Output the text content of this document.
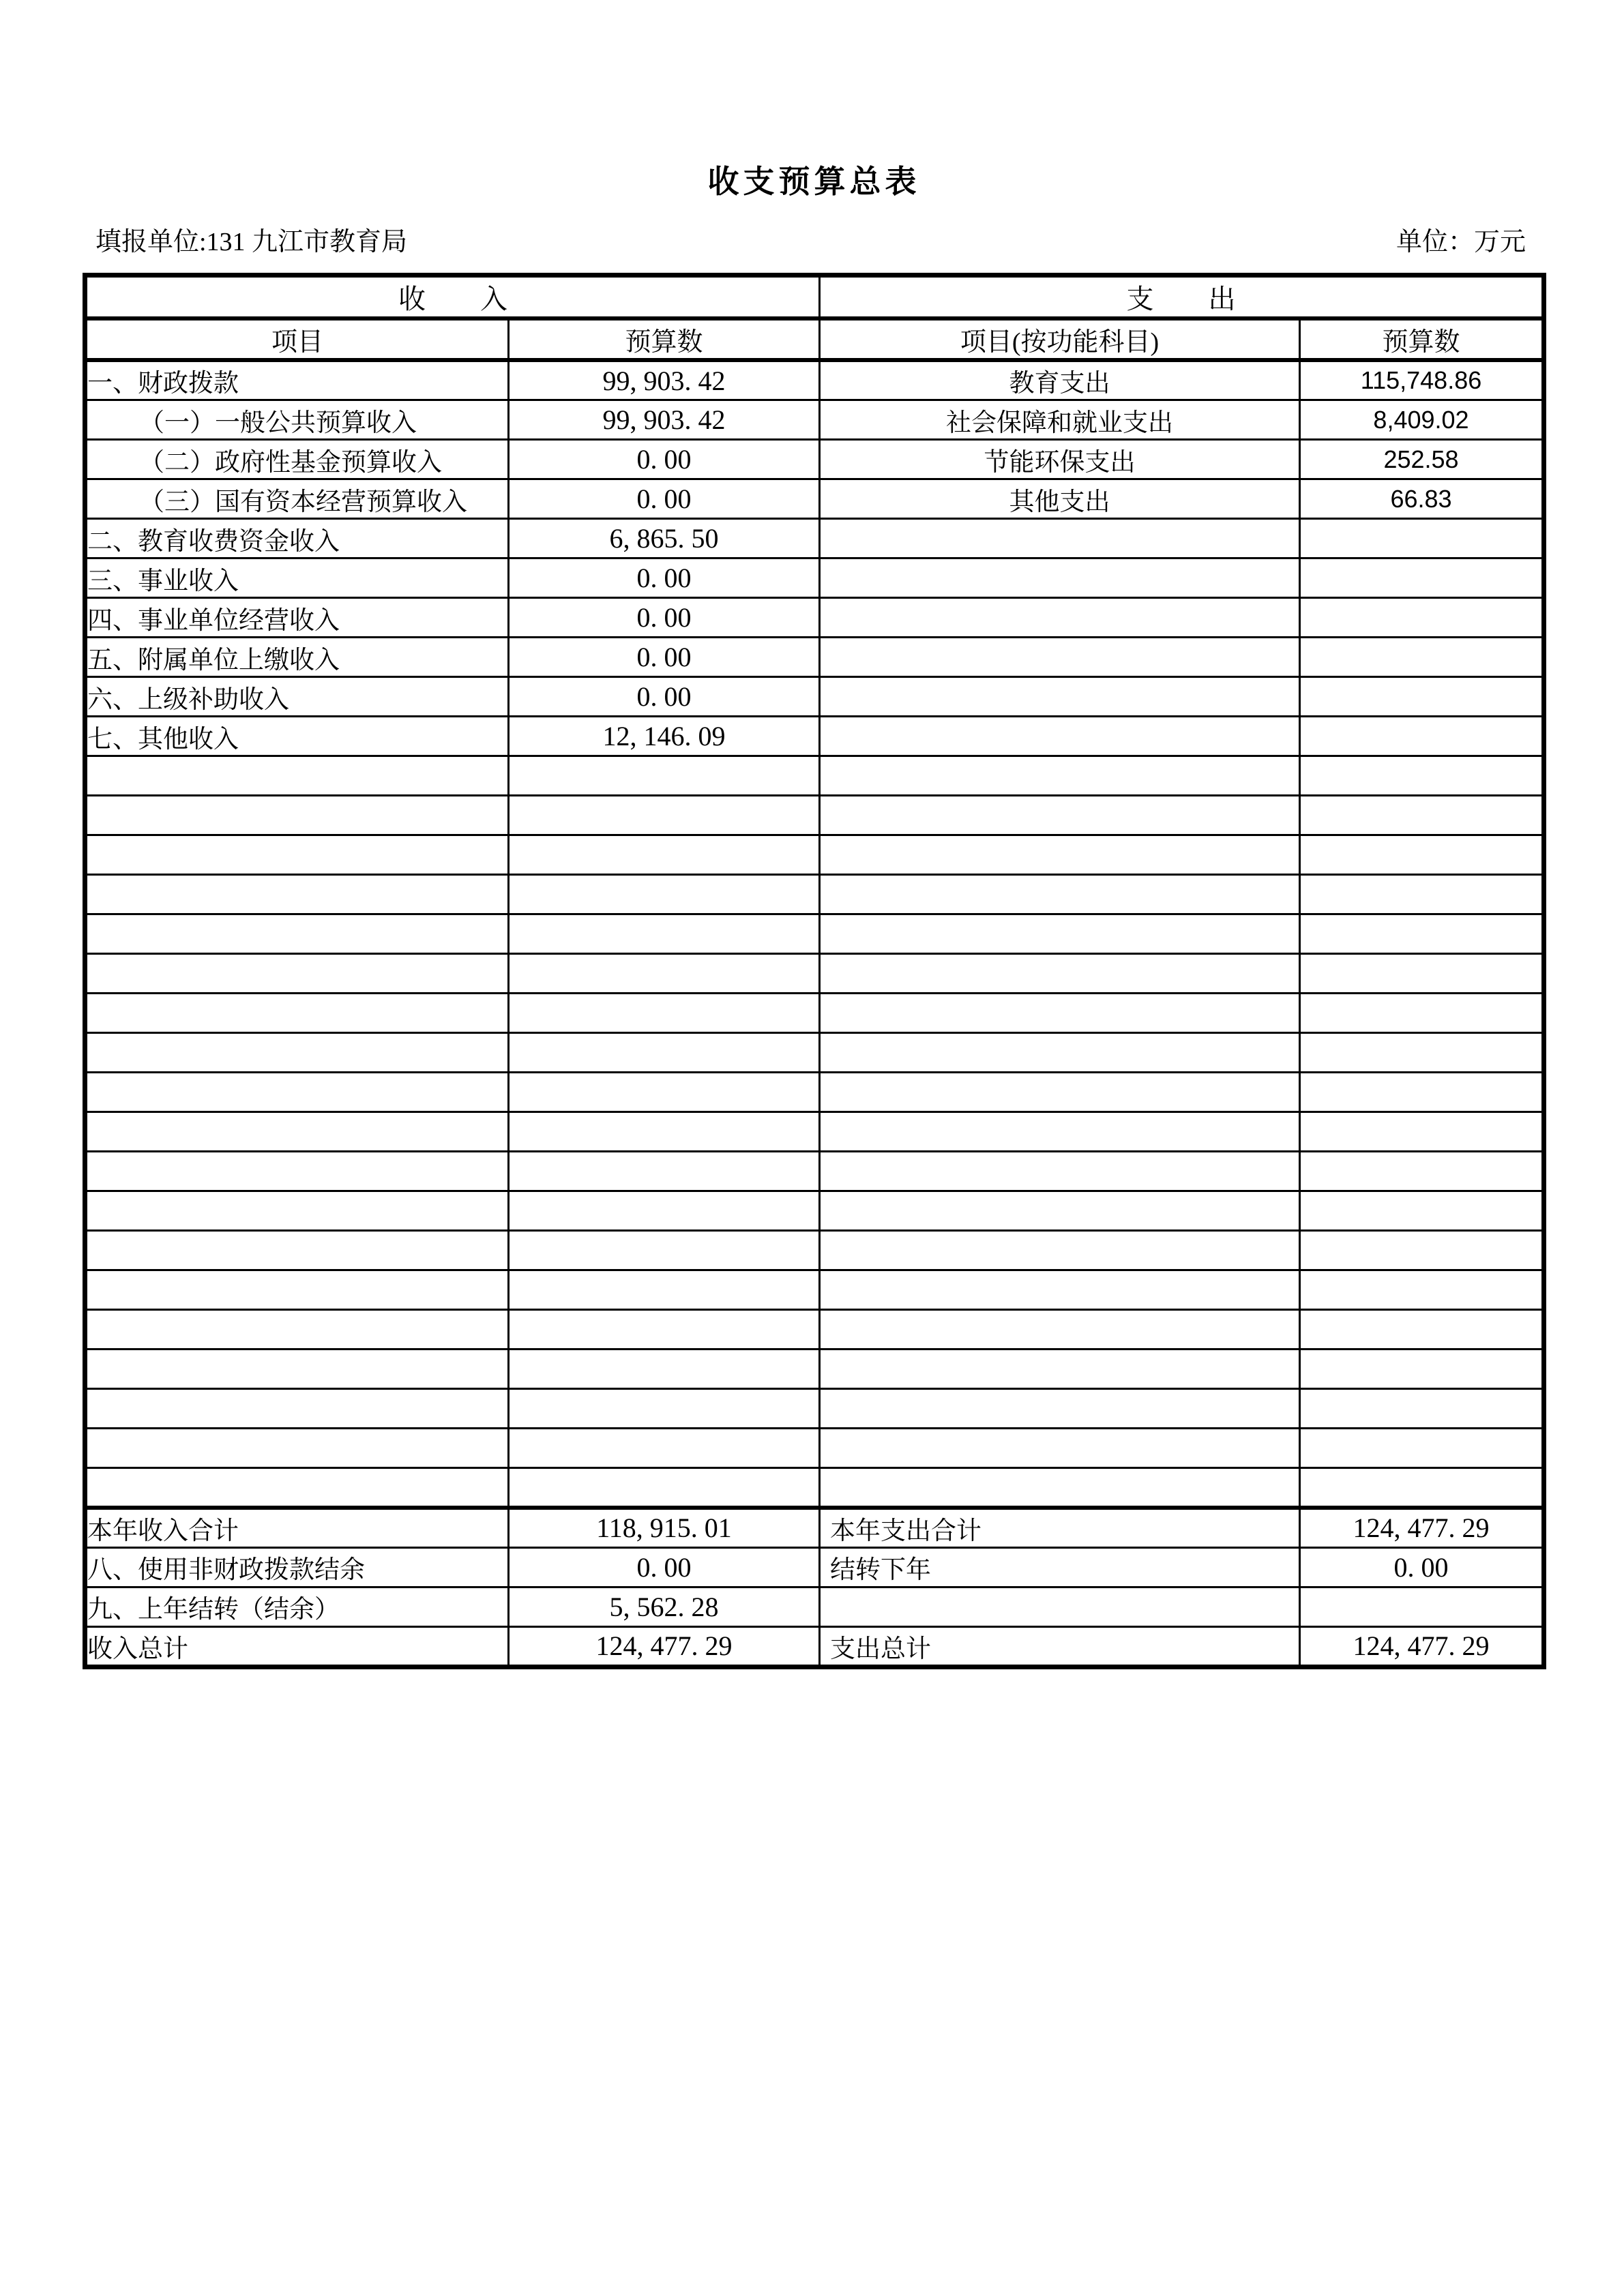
收支预算总表
填报单位:131 九江市教育局	单位：万元
收入		支出	
项目	预算数	项目(按功能科目)	预算数
一、财政拨款	99, 903. 42	教育支出	115,748.86
（一）一般公共预算收入	99, 903. 42	社会保障和就业支出	8,409.02
（二）政府性基金预算收入	0. 00	节能环保支出	252.58
（三）国有资本经营预算收入	0. 00	其他支出	66.83
二、教育收费资金收入	6, 865. 50		
三、事业收入	0. 00		
四、事业单位经营收入	0. 00		
五、附属单位上缴收入	0. 00		
六、上级补助收入	0. 00		
七、其他收入	12, 146. 09		

本年收入合计	118, 915. 01	本年支出合计	124, 477. 29
八、使用非财政拨款结余	0. 00	结转下年	0. 00
九、上年结转（结余）	5, 562. 28		
收入总计	124, 477. 29	支出总计	124, 477. 29
